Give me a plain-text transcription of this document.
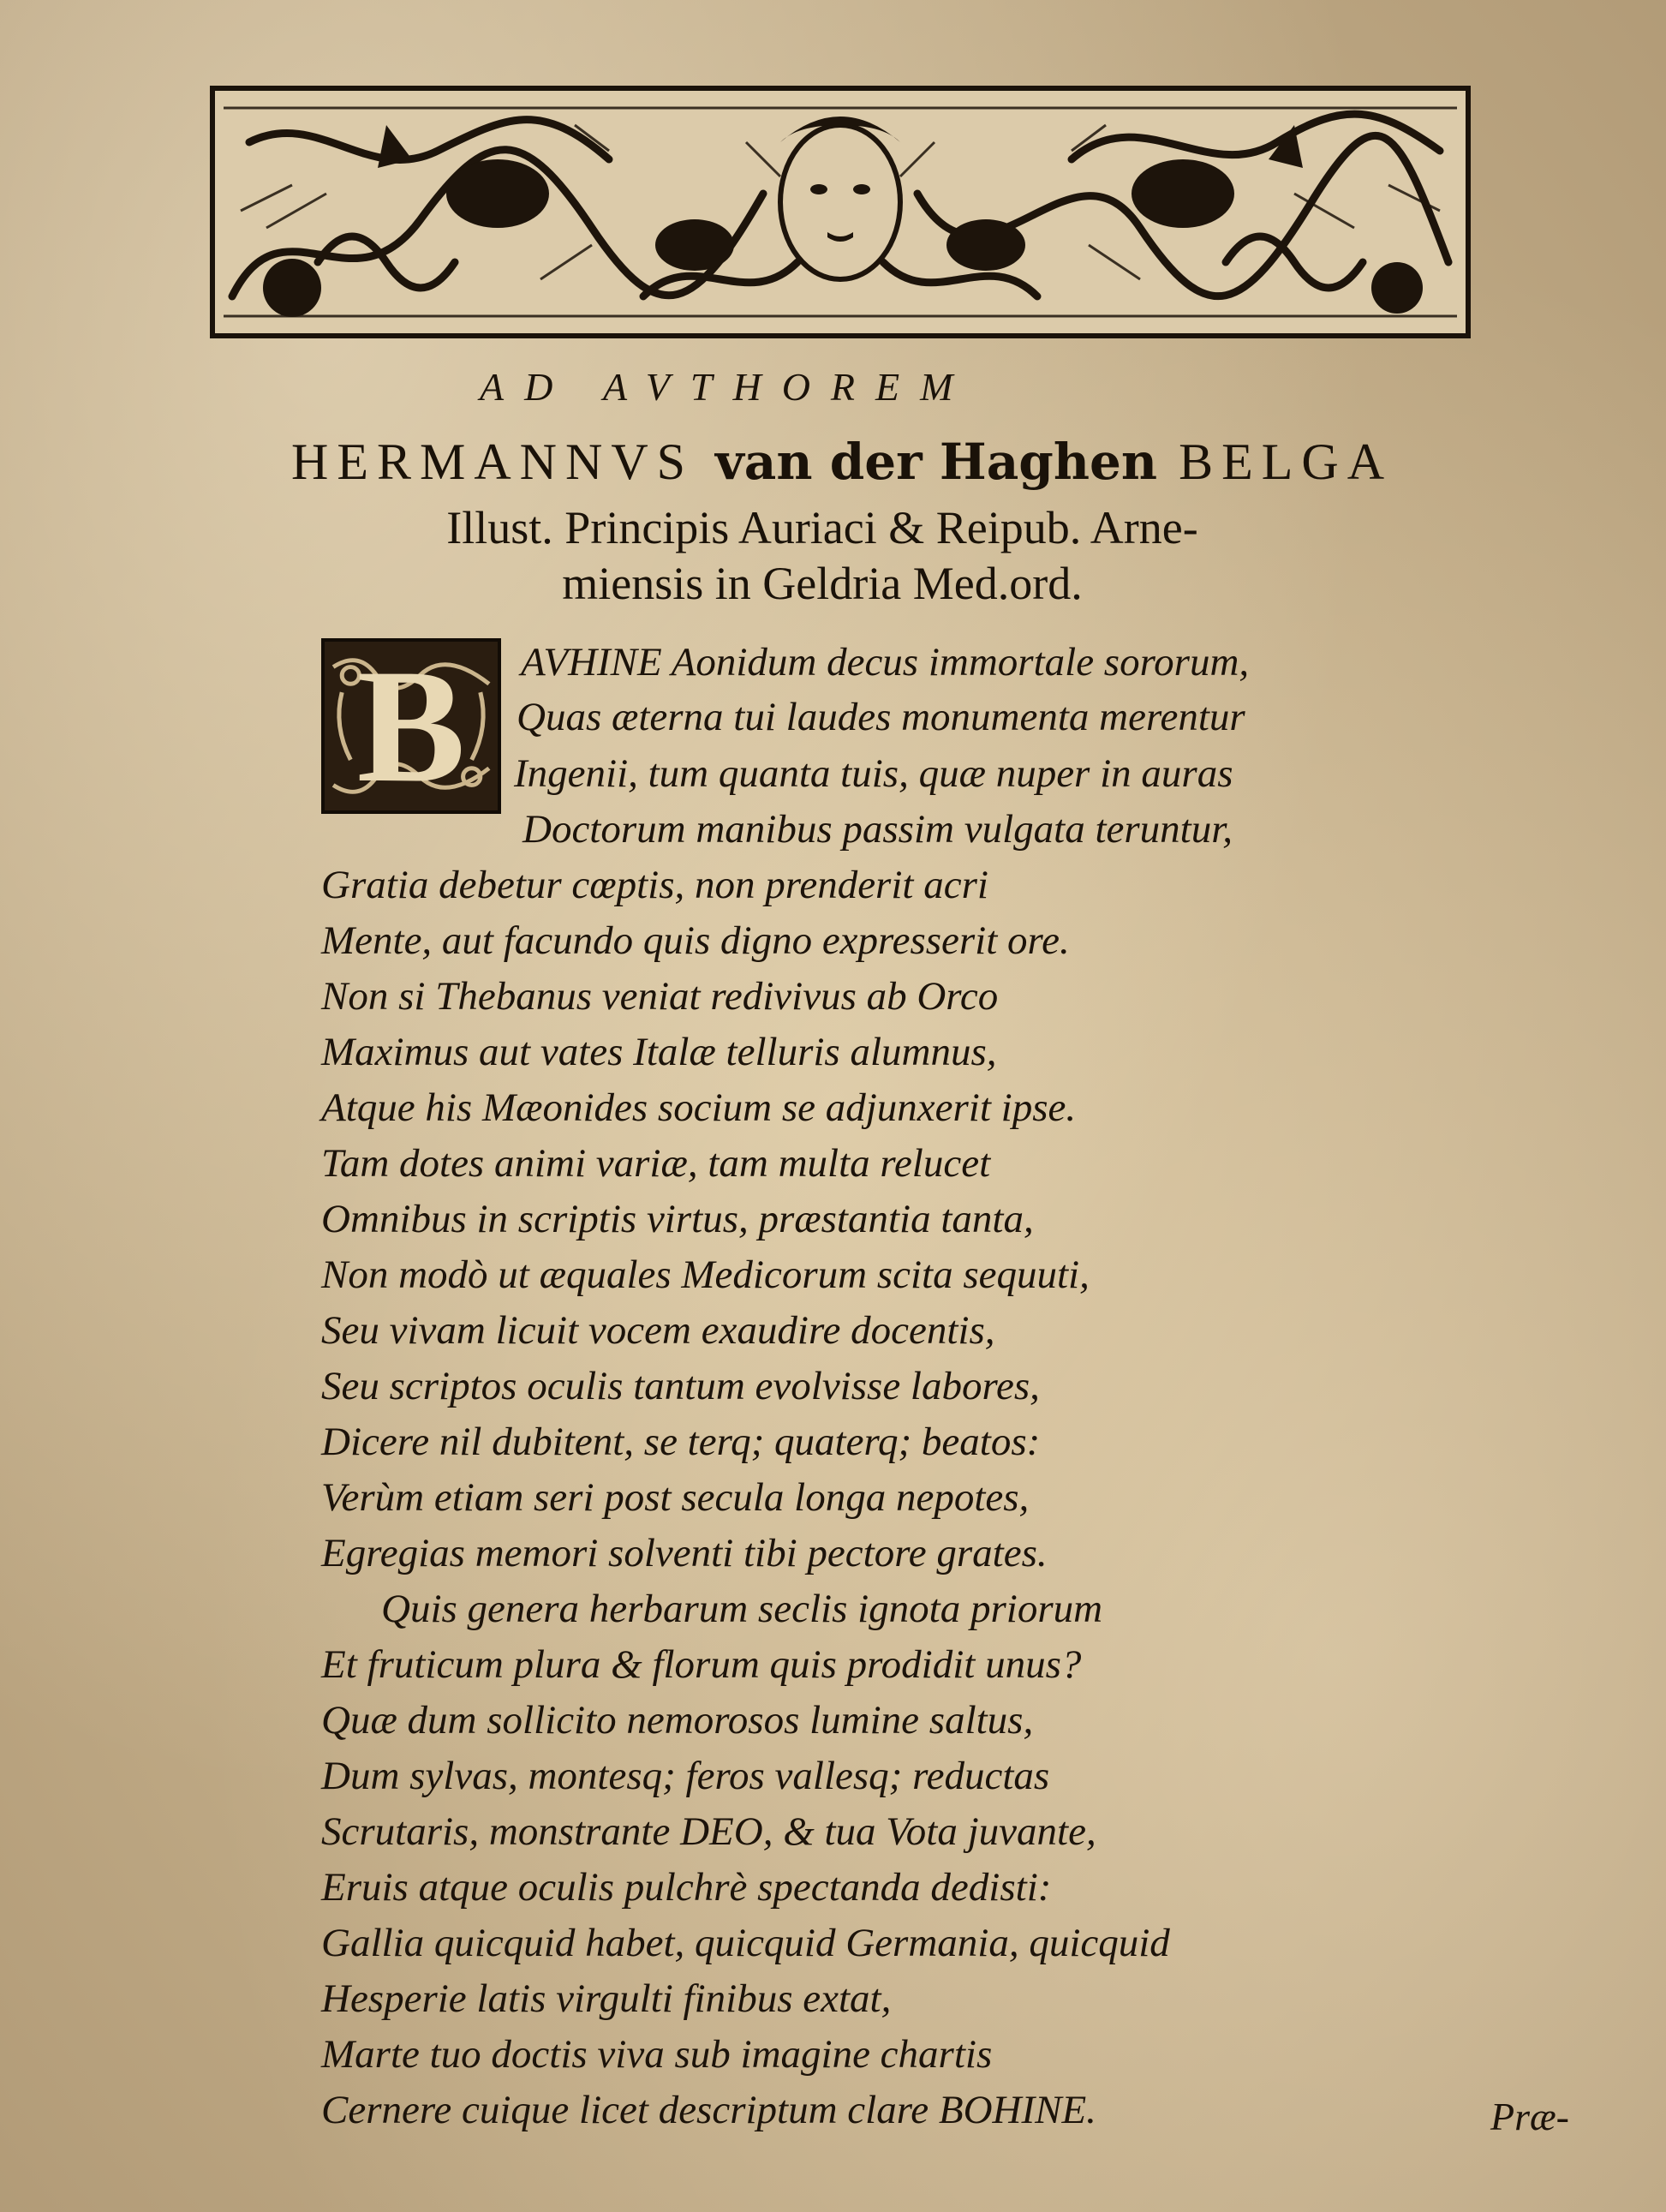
AD AVTHOREM
HERMANNVS van der Haghen BELGA
Illust. Principis Auriaci & Reipub. Arne-
miensis in Geldria Med.ord.
B	AVHINE Aonidum decus immortale sororum,
Quas æterna tui laudes monumenta merentur
Ingenii, tum quanta tuis, quæ nuper in auras
Doctorum manibus passim vulgata teruntur,
Gratia debetur cœptis, non prenderit acri
Mente, aut facundo quis digno expresserit ore.
Non si Thebanus veniat redivivus ab Orco
Maximus aut vates Italæ telluris alumnus,
Atque his Mæonides socium se adjunxerit ipse.
Tam dotes animi variæ, tam multa relucet
Omnibus in scriptis virtus, præstantia tanta,
Non modò ut æquales Medicorum scita sequuti,
Seu vivam licuit vocem exaudire docentis,
Seu scriptos oculis tantum evolvisse labores,
Dicere nil dubitent, se terq; quaterq; beatos:
Verùm etiam seri post secula longa nepotes,
Egregias memori solventi tibi pectore grates.
Quis genera herbarum seclis ignota priorum
Et fruticum plura & florum quis prodidit unus?
Quæ dum sollicito nemorosos lumine saltus,
Dum sylvas, montesq; feros vallesq; reductas
Scrutaris, monstrante DEO, & tua Vota juvante,
Eruis atque oculis pulchrè spectanda dedisti:
Gallia quicquid habet, quicquid Germania, quicquid
Hesperie latis virgulti finibus extat,
Marte tuo doctis viva sub imagine chartis
Cernere cuique licet descriptum clare BOHINE.	Præ-
